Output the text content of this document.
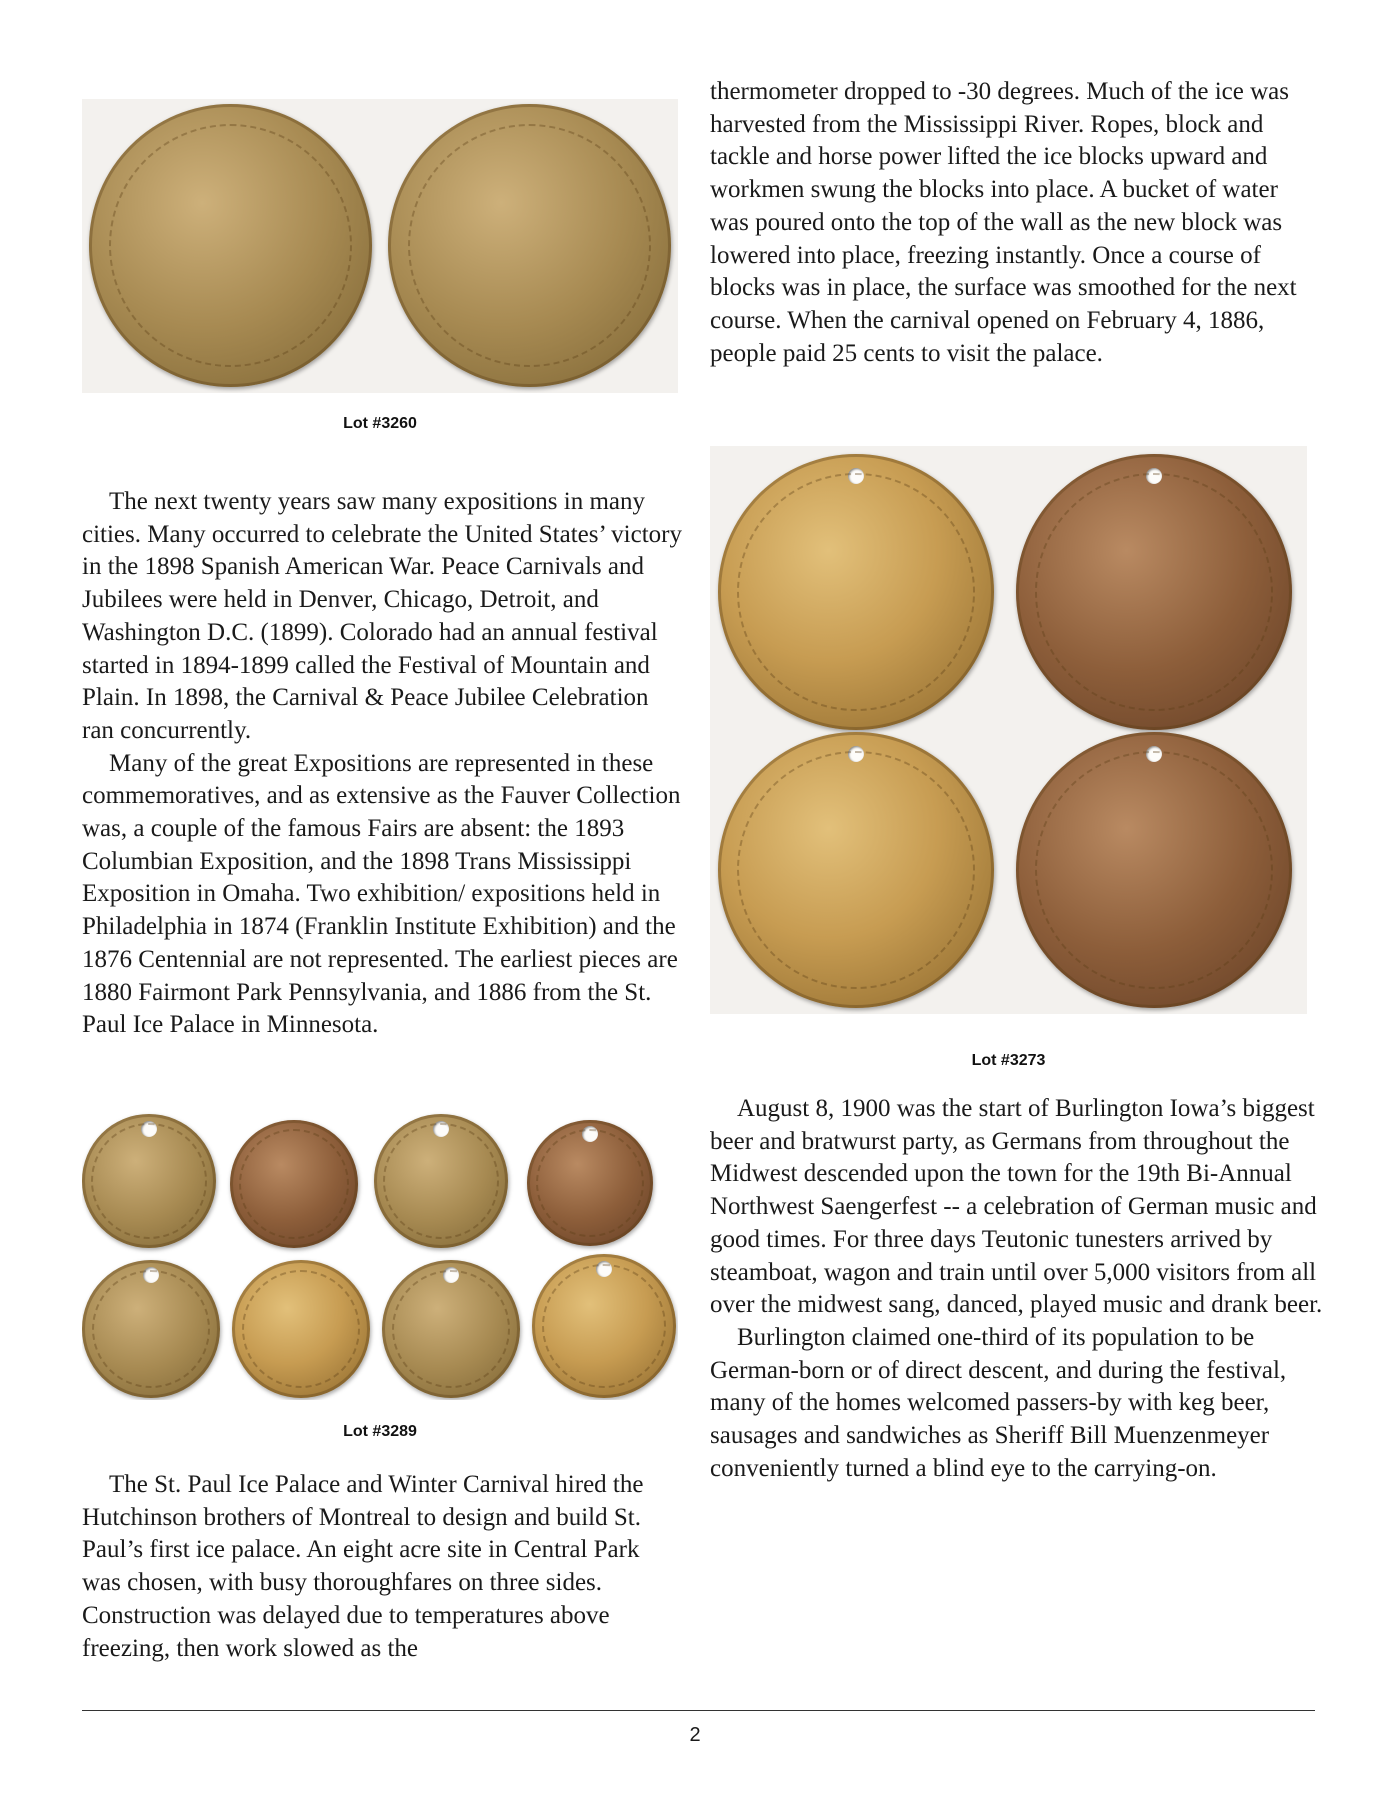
Lot #3260

The next twenty years saw many expositions in many cities. Many occurred to celebrate the United States’ victory in the 1898 Spanish American War. Peace Carnivals and Jubilees were held in Denver, Chicago, Detroit, and Washington D.C. (1899). Colorado had an annual festival started in 1894-1899 called the Festival of Mountain and Plain. In 1898, the Carnival & Peace Jubilee Celebration ran concurrently.

Many of the great Expositions are represented in these commemoratives, and as extensive as the Fauver Collection was, a couple of the famous Fairs are absent: the 1893 Columbian Exposition, and the 1898 Trans Mississippi Exposition in Omaha. Two exhibition/ expositions held in Philadelphia in 1874 (Franklin Institute Exhibition) and the 1876 Centennial are not represented. The earliest pieces are 1880 Fairmont Park Pennsylvania, and 1886 from the St. Paul Ice Palace in Minnesota.

Lot #3289

The St. Paul Ice Palace and Winter Carnival hired the Hutchinson brothers of Montreal to design and build St. Paul’s first ice palace. An eight acre site in Central Park was chosen, with busy thoroughfares on three sides. Construction was delayed due to temperatures above freezing, then work slowed as the

thermometer dropped to -30 degrees. Much of the ice was harvested from the Mississippi River. Ropes, block and tackle and horse power lifted the ice blocks upward and workmen swung the blocks into place. A bucket of water was poured onto the top of the wall as the new block was lowered into place, freezing instantly. Once a course of blocks was in place, the surface was smoothed for the next course. When the carnival opened on February 4, 1886, people paid 25 cents to visit the palace.

Lot #3273

August 8, 1900 was the start of Burlington Iowa’s biggest beer and bratwurst party, as Germans from throughout the Midwest descended upon the town for the 19th Bi-Annual Northwest Saengerfest -- a celebration of German music and good times. For three days Teutonic tunesters arrived by steamboat, wagon and train until over 5,000 visitors from all over the midwest sang, danced, played music and drank beer.

Burlington claimed one-third of its population to be German-born or of direct descent, and during the festival, many of the homes welcomed passers-by with keg beer, sausages and sandwiches as Sheriff Bill Muenzenmeyer conveniently turned a blind eye to the carrying-on.

2
